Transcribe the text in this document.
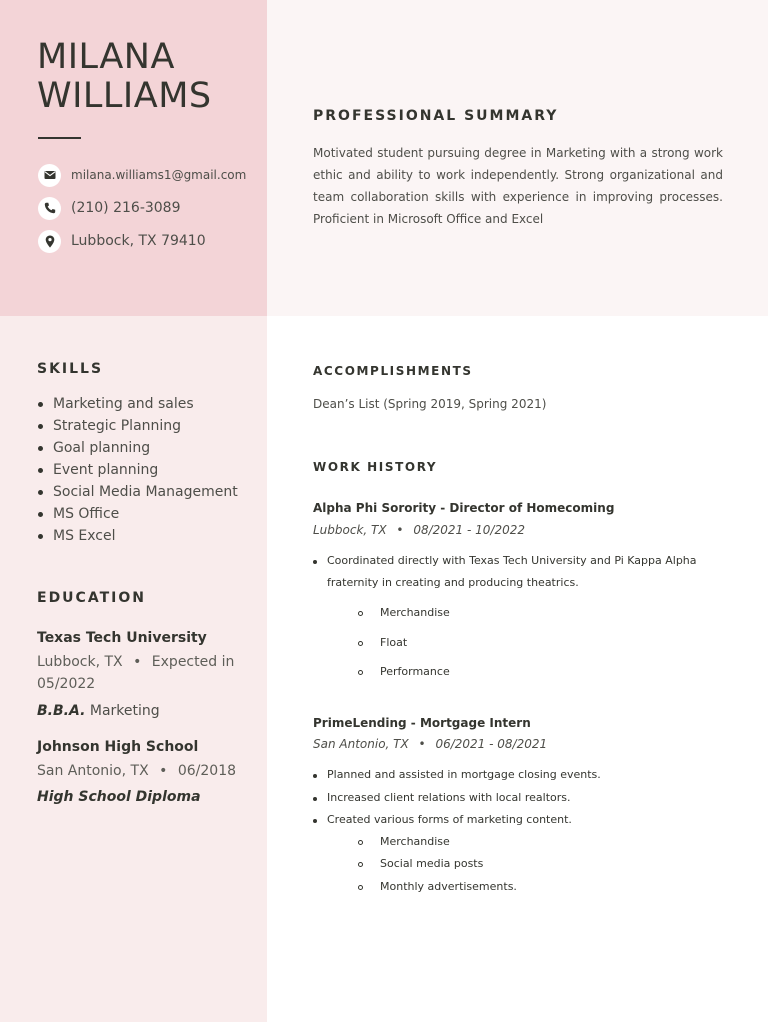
MILANA
WILLIAMS
milana.williams1@gmail.com
(210) 216-3089
Lubbock, TX 79410
PROFESSIONAL SUMMARY

Motivated student pursuing degree in Marketing with a strong work ethic and ability to work independently. Strong organizational and team collaboration skills with experience in improving processes. Proficient in Microsoft Office and Excel

SKILLS
Marketing and sales
Strategic Planning
Goal planning
Event planning
Social Media Management
MS Office
MS Excel
EDUCATION
Texas Tech University
Lubbock, TX • Expected in 05/2022
B.B.A. Marketing
Johnson High School
San Antonio, TX • 06/2018
High School Diploma
ACCOMPLISHMENTS
Dean’s List (Spring 2019, Spring 2021)
WORK HISTORY
Alpha Phi Sorority - Director of Homecoming
Lubbock, TX • 08/2021 - 10/2022
Coordinated directly with Texas Tech University and Pi Kappa Alpha
fraternity in creating and producing theatrics.
Merchandise
Float
Performance
PrimeLending - Mortgage Intern
San Antonio, TX • 06/2021 - 08/2021
Planned and assisted in mortgage closing events.
Increased client relations with local realtors.
Created various forms of marketing content.
Merchandise
Social media posts
Monthly advertisements.
